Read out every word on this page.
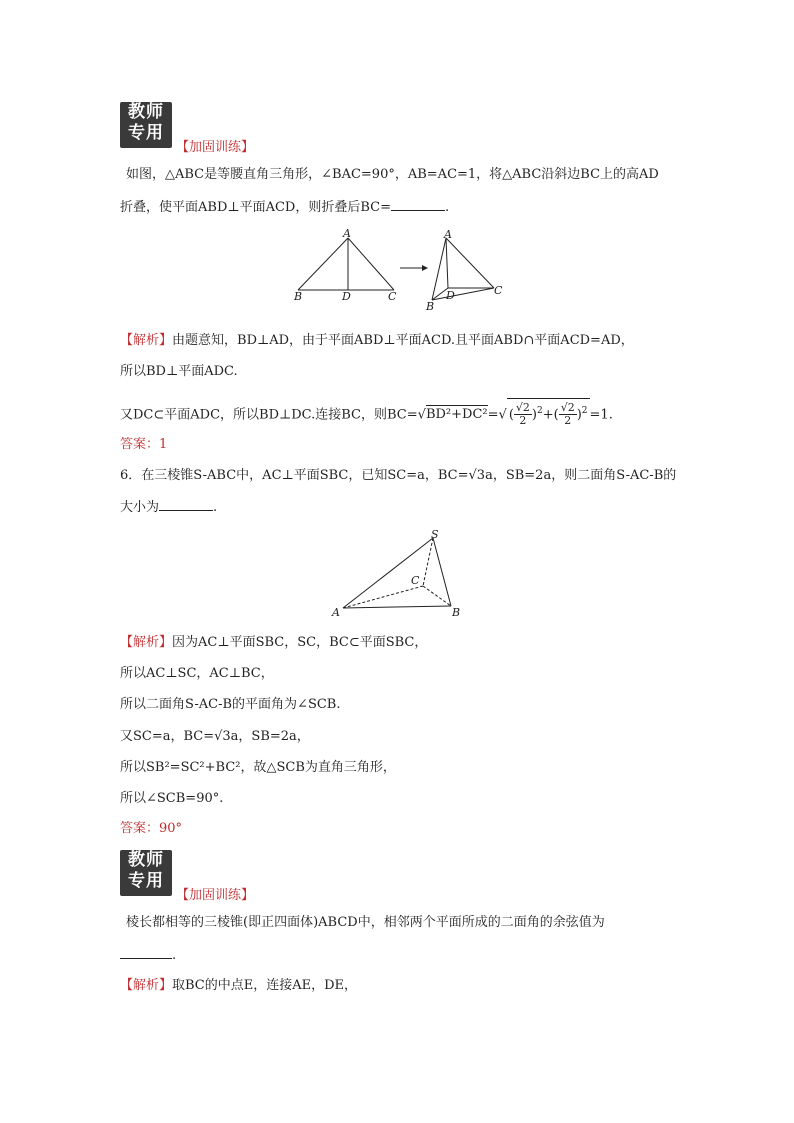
教师
专用
【加固训练】
如图，△ABC是等腰直角三角形，∠BAC=90°，AB=AC=1，将△ABC沿斜边BC上的高AD
折叠，使平面ABD⊥平面ACD，则折叠后BC=	.
A
B	D	C
A
B
D	C
【解析】由题意知，BD⊥AD，由于平面ABD⊥平面ACD.且平面ABD∩平面ACD=AD，
所以BD⊥平面ADC.
又DC⊂平面ADC，所以BD⊥DC.连接BC，则BC=√BD²+DC²=√ ( $\frac{√2}{2} )^2+( \frac{√2}{2} )^2 =1$.
答案：1
6．在三棱锥S-ABC中，AC⊥平面SBC，已知SC=a，BC=√3a，SB=2a，则二面角S-AC-B的
大小为	.
S
C
A	B
【解析】因为AC⊥平面SBC，SC，BC⊂平面SBC，
所以AC⊥SC，AC⊥BC，
所以二面角S-AC-B的平面角为∠SCB.
又SC=a，BC=√3a，SB=2a，
所以SB²=SC²+BC²，故△SCB为直角三角形，
所以∠SCB=90°.
答案：90°
教师
专用
【加固训练】
棱长都相等的三棱锥(即正四面体)ABCD中，相邻两个平面所成的二面角的余弦值为
.
【解析】取BC的中点E，连接AE，DE，
